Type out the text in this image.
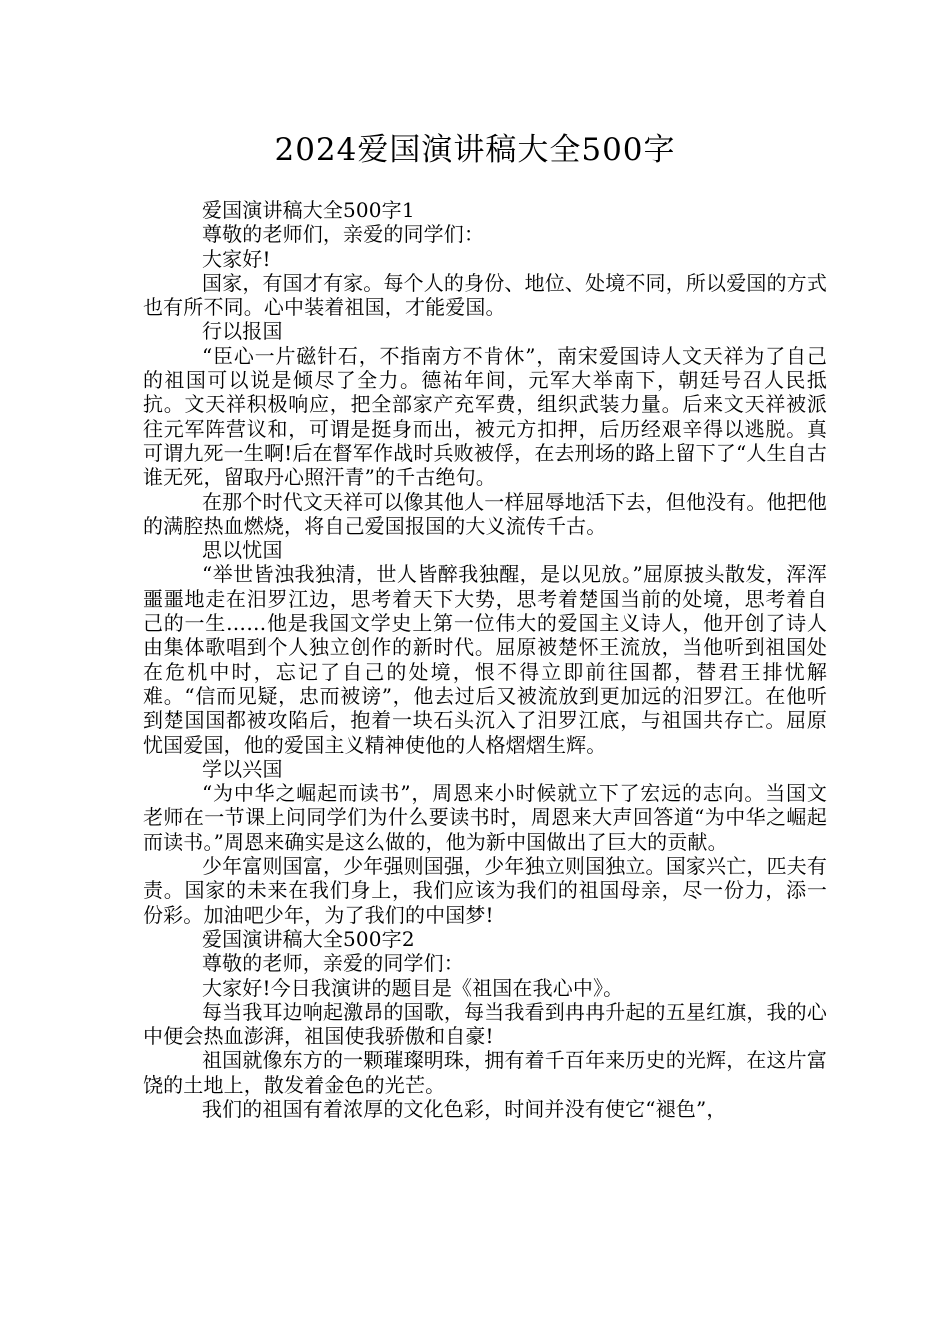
2024爱国演讲稿大全500字

爱国演讲稿大全500字1

尊敬的老师们，亲爱的同学们：

大家好!

国家，有国才有家。每个人的身份、地位、处境不同，所以爱国的方式也有所不同。心中装着祖国，才能爱国。

行以报国

“臣心一片磁针石，不指南方不肯休”，南宋爱国诗人文天祥为了自己的祖国可以说是倾尽了全力。德祐年间，元军大举南下，朝廷号召人民抵抗。文天祥积极响应，把全部家产充军费，组织武装力量。后来文天祥被派往元军阵营议和，可谓是挺身而出，被元方扣押，后历经艰辛得以逃脱。真可谓九死一生啊!后在督军作战时兵败被俘，在去刑场的路上留下了“人生自古谁无死，留取丹心照汗青”的千古绝句。

在那个时代文天祥可以像其他人一样屈辱地活下去，但他没有。他把他的满腔热血燃烧，将自己爱国报国的大义流传千古。

思以忧国

“举世皆浊我独清，世人皆醉我独醒，是以见放。”屈原披头散发，浑浑噩噩地走在汨罗江边，思考着天下大势，思考着楚国当前的处境，思考着自己的一生……他是我国文学史上第一位伟大的爱国主义诗人，他开创了诗人由集体歌唱到个人独立创作的新时代。屈原被楚怀王流放，当他听到祖国处在危机中时，忘记了自己的处境，恨不得立即前往国都，替君王排忧解难。“信而见疑，忠而被谤”，他去过后又被流放到更加远的汨罗江。在他听到楚国国都被攻陷后，抱着一块石头沉入了汨罗江底，与祖国共存亡。屈原忧国爱国，他的爱国主义精神使他的人格熠熠生辉。

学以兴国

“为中华之崛起而读书”，周恩来小时候就立下了宏远的志向。当国文老师在一节课上问同学们为什么要读书时，周恩来大声回答道“为中华之崛起而读书。”周恩来确实是这么做的，他为新中国做出了巨大的贡献。

少年富则国富，少年强则国强，少年独立则国独立。国家兴亡，匹夫有责。国家的未来在我们身上，我们应该为我们的祖国母亲，尽一份力，添一份彩。加油吧少年，为了我们的中国梦!

爱国演讲稿大全500字2

尊敬的老师，亲爱的同学们：

大家好!今日我演讲的题目是《祖国在我心中》。

每当我耳边响起激昂的国歌，每当我看到冉冉升起的五星红旗，我的心中便会热血澎湃，祖国使我骄傲和自豪!

祖国就像东方的一颗璀璨明珠，拥有着千百年来历史的光辉，在这片富饶的土地上，散发着金色的光芒。

我们的祖国有着浓厚的文化色彩，时间并没有使它“褪色”，
